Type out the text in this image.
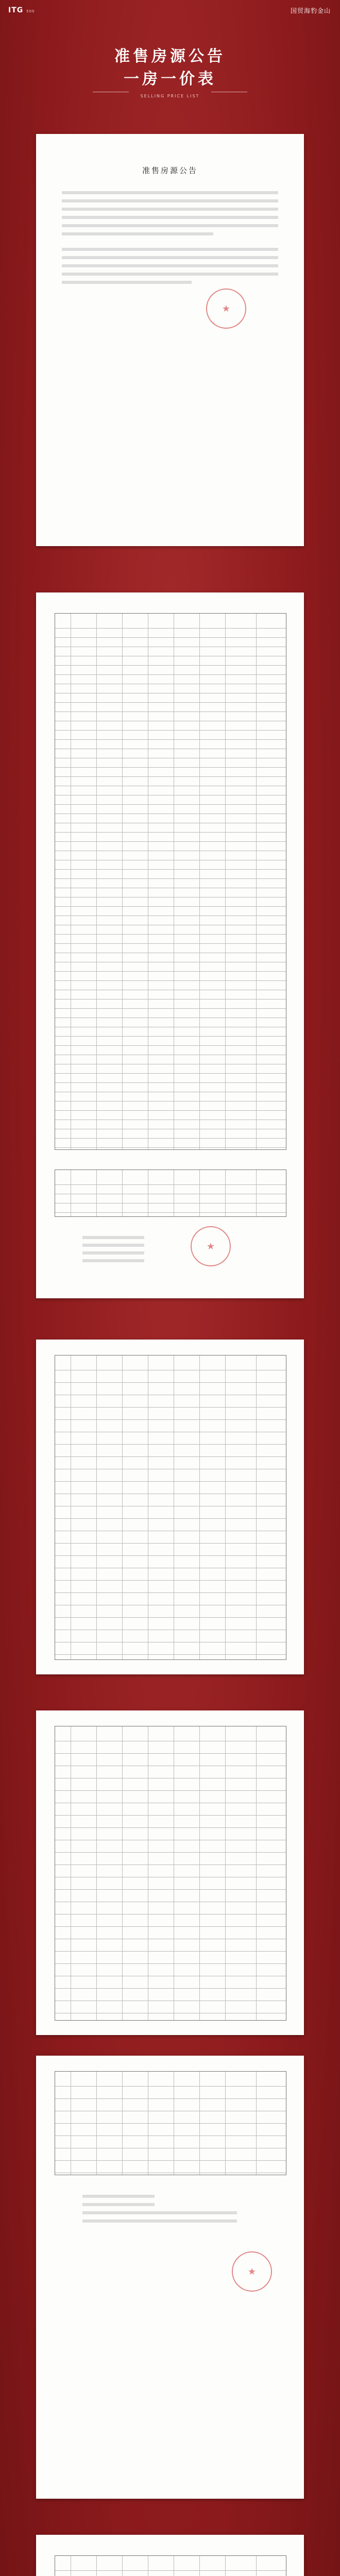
ITG 500	国贸海豹金山
准售房源公告
一房一价表
SELLING PRICE LIST
准售房源公告
★
★
★
